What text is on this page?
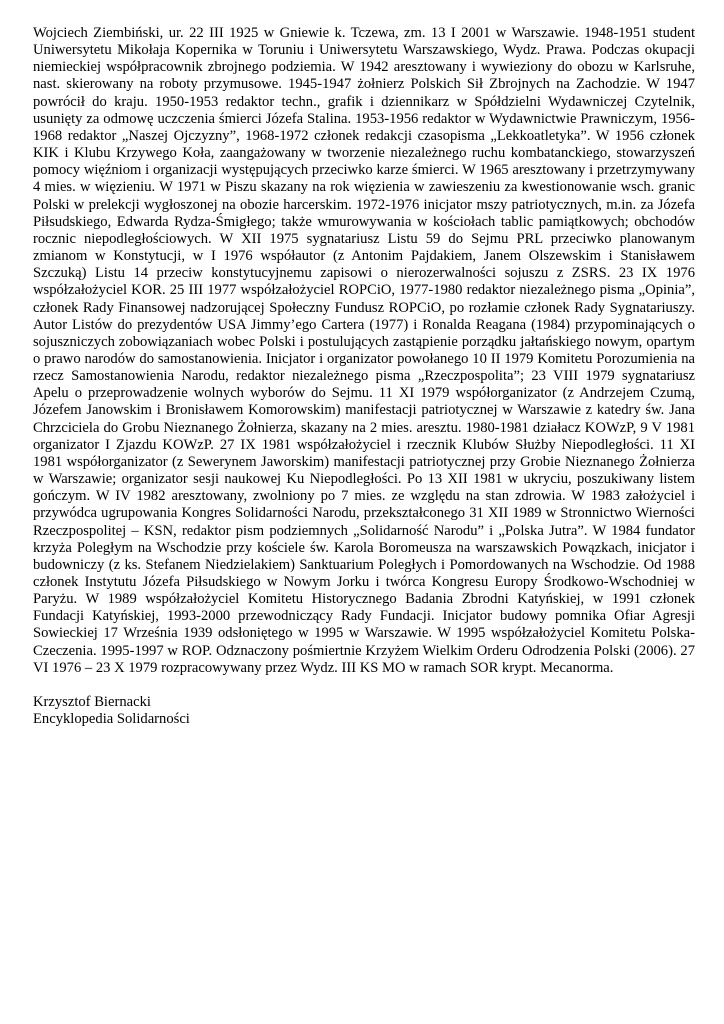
Wojciech Ziembiński, ur. 22 III 1925 w Gniewie k. Tczewa, zm. 13 I 2001 w Warszawie. 1948-1951 student Uniwersytetu Mikołaja Kopernika w Toruniu i Uniwersytetu Warszawskiego, Wydz. Prawa. Podczas okupacji niemieckiej współpracownik zbrojnego podziemia. W 1942 aresztowany i wywieziony do obozu w Karlsruhe, nast. skierowany na roboty przymusowe. 1945-1947 żołnierz Polskich Sił Zbrojnych na Zachodzie. W 1947 powrócił do kraju. 1950-1953 redaktor techn., grafik i dziennikarz w Spółdzielni Wydawniczej Czytelnik, usunięty za odmowę uczczenia śmierci Józefa Stalina. 1953-1956 redaktor w Wydawnictwie Prawniczym, 1956-1968 redaktor „Naszej Ojczyzny”, 1968-1972 członek redakcji czasopisma „Lekkoatletyka”. W 1956 członek KIK i Klubu Krzywego Koła, zaangażowany w tworzenie niezależnego ruchu kombatanckiego, stowarzyszeń pomocy więźniom i organizacji występujących przeciwko karze śmierci. W 1965 aresztowany i przetrzymywany 4 mies. w więzieniu. W 1971 w Piszu skazany na rok więzienia w zawieszeniu za kwestionowanie wsch. granic Polski w prelekcji wygłoszonej na obozie harcerskim. 1972-1976 inicjator mszy patriotycznych, m.in. za Józefa Piłsudskiego, Edwarda Rydza-Śmigłego; także wmurowywania w kościołach tablic pamiątkowych; obchodów rocznic niepodległościowych. W XII 1975 sygnatariusz Listu 59 do Sejmu PRL przeciwko planowanym zmianom w Konstytucji, w I 1976 współautor (z Antonim Pajdakiem, Janem Olszewskim i Stanisławem Szczuką) Listu 14 przeciw konstytucyjnemu zapisowi o nierozerwalności sojuszu z ZSRS. 23 IX 1976 współzałożyciel KOR. 25 III 1977 współzałożyciel ROPCiO, 1977-1980 redaktor niezależnego pisma „Opinia”, członek Rady Finansowej nadzorującej Społeczny Fundusz ROPCiO, po rozłamie członek Rady Sygnatariuszy. Autor Listów do prezydentów USA Jimmy’ego Cartera (1977) i Ronalda Reagana (1984) przypominających o sojuszniczych zobowiązaniach wobec Polski i postulujących zastąpienie porządku jałtańskiego nowym, opartym o prawo narodów do samostanowienia. Inicjator i organizator powołanego 10 II 1979 Komitetu Porozumienia na rzecz Samostanowienia Narodu, redaktor niezależnego pisma „Rzeczpospolita”; 23 VIII 1979 sygnatariusz Apelu o przeprowadzenie wolnych wyborów do Sejmu. 11 XI 1979 współorganizator (z Andrzejem Czumą, Józefem Janowskim i Bronisławem Komorowskim) manifestacji patriotycznej w Warszawie z katedry św. Jana Chrzciciela do Grobu Nieznanego Żołnierza, skazany na 2 mies. aresztu. 1980-1981 działacz KOWzP, 9 V 1981 organizator I Zjazdu KOWzP. 27 IX 1981 współzałożyciel i rzecznik Klubów Służby Niepodległości. 11 XI 1981 współorganizator (z Sewerynem Jaworskim) manifestacji patriotycznej przy Grobie Nieznanego Żołnierza w Warszawie; organizator sesji naukowej Ku Niepodległości. Po 13 XII 1981 w ukryciu, poszukiwany listem gończym. W IV 1982 aresztowany, zwolniony po 7 mies. ze względu na stan zdrowia. W 1983 założyciel i przywódca ugrupowania Kongres Solidarności Narodu, przekształconego 31 XII 1989 w Stronnictwo Wierności Rzeczpospolitej – KSN, redaktor pism podziemnych „Solidarność Narodu” i „Polska Jutra”. W 1984 fundator krzyża Poległym na Wschodzie przy kościele św. Karola Boromeusza na warszawskich Powązkach, inicjator i budowniczy (z ks. Stefanem Niedzielakiem) Sanktuarium Poległych i Pomordowanych na Wschodzie. Od 1988 członek Instytutu Józefa Piłsudskiego w Nowym Jorku i twórca Kongresu Europy Środkowo-Wschodniej w Paryżu. W 1989 współzałożyciel Komitetu Historycznego Badania Zbrodni Katyńskiej, w 1991 członek Fundacji Katyńskiej, 1993-2000 przewodniczący Rady Fundacji. Inicjator budowy pomnika Ofiar Agresji Sowieckiej 17 Września 1939 odsłoniętego w 1995 w Warszawie. W 1995 współzałożyciel Komitetu Polska-Czeczenia. 1995-1997 w ROP. Odznaczony pośmiertnie Krzyżem Wielkim Orderu Odrodzenia Polski (2006). 27 VI 1976 – 23 X 1979 rozpracowywany przez Wydz. III KS MO w ramach SOR krypt. Mecanorma.

Krzysztof Biernacki
Encyklopedia Solidarności
